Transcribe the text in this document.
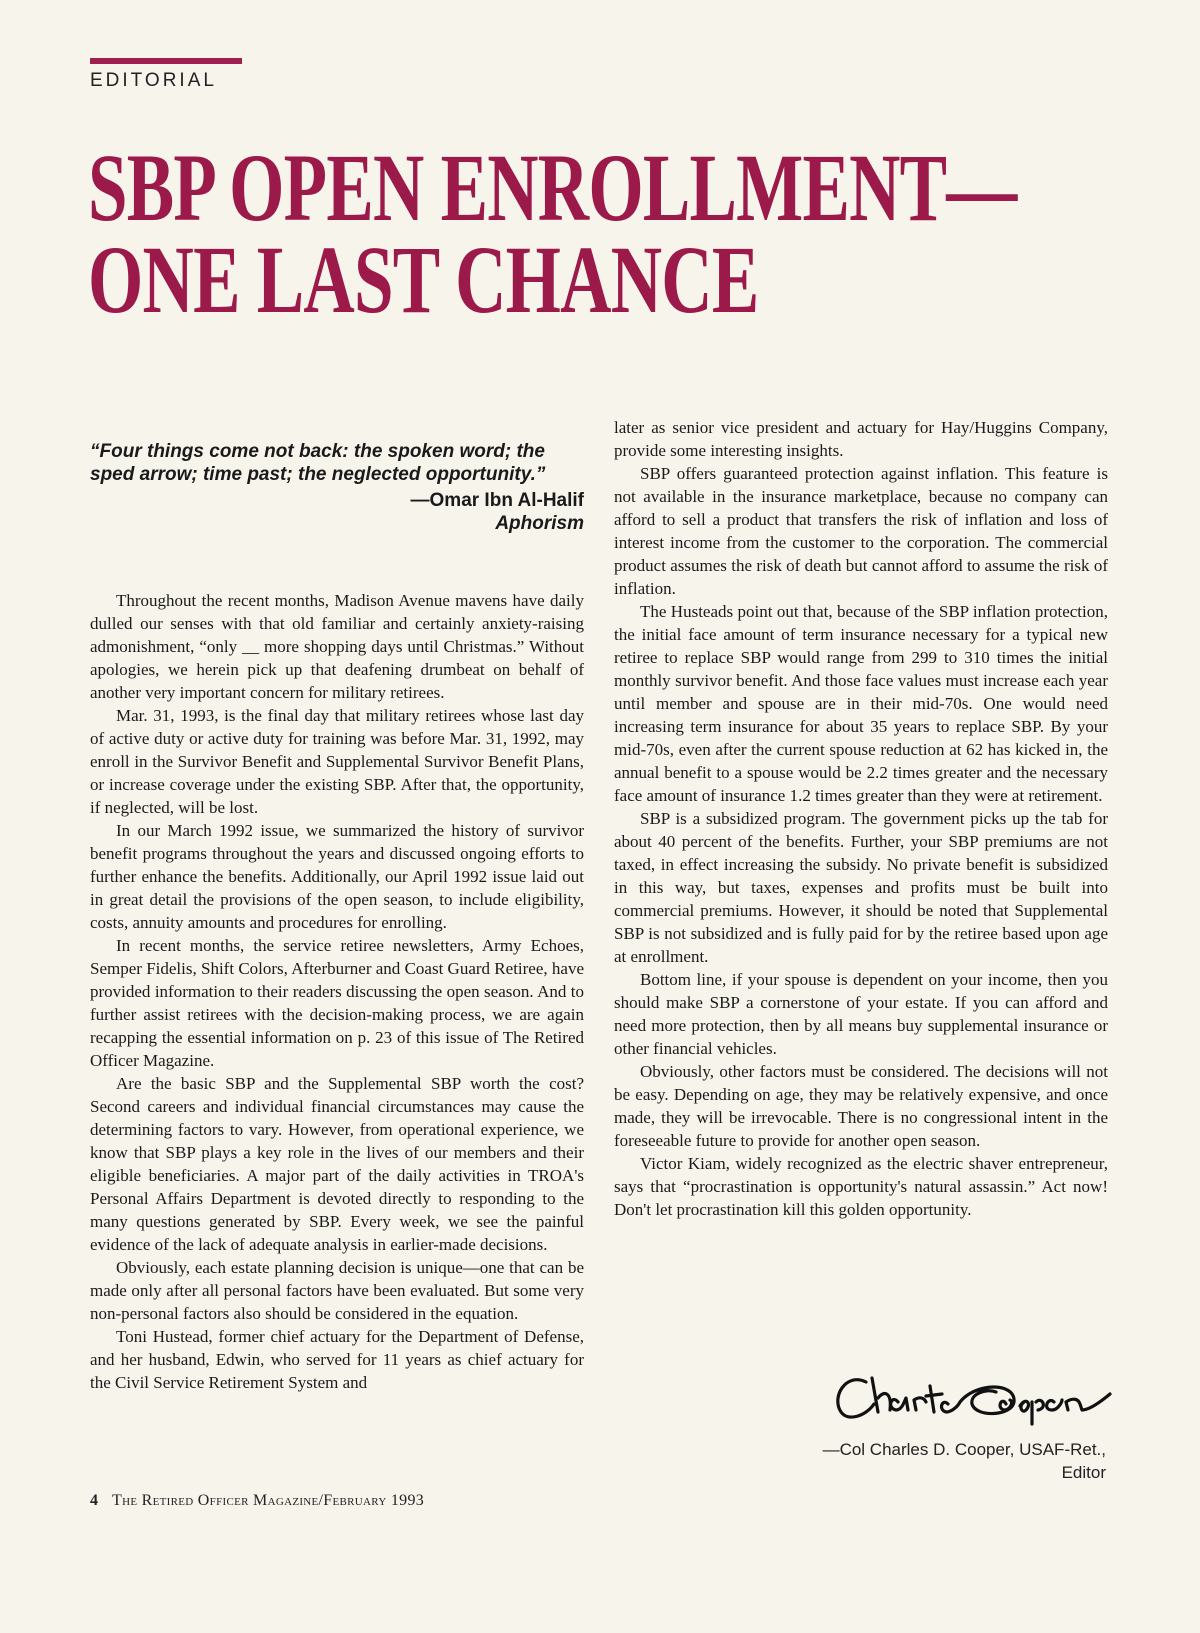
EDITORIAL
SBP OPEN ENROLLMENT—
ONE LAST CHANCE
“Four things come not back: the spoken word; the sped arrow; time past; the neglected opportunity.”
—Omar Ibn Al-Halif
Aphorism

Throughout the recent months, Madison Avenue mavens have daily dulled our senses with that old familiar and certainly anxiety-raising admonishment, “only __ more shopping days until Christmas.” Without apologies, we herein pick up that deafening drumbeat on behalf of another very important concern for military retirees.

Mar. 31, 1993, is the final day that military retirees whose last day of active duty or active duty for training was before Mar. 31, 1992, may enroll in the Survivor Benefit and Supplemental Survivor Benefit Plans, or increase coverage under the existing SBP. After that, the opportunity, if neglected, will be lost.

In our March 1992 issue, we summarized the history of survivor benefit programs throughout the years and discussed ongoing efforts to further enhance the benefits. Additionally, our April 1992 issue laid out in great detail the provisions of the open season, to include eligibility, costs, annuity amounts and procedures for enrolling.

In recent months, the service retiree newsletters, Army Echoes, Semper Fidelis, Shift Colors, Afterburner and Coast Guard Retiree, have provided information to their readers discussing the open season. And to further assist retirees with the decision-making process, we are again recapping the essential information on p. 23 of this issue of The Retired Officer Magazine.

Are the basic SBP and the Supplemental SBP worth the cost? Second careers and individual financial circumstances may cause the determining factors to vary. However, from operational experience, we know that SBP plays a key role in the lives of our members and their eligible beneficiaries. A major part of the daily activities in TROA's Personal Affairs Department is devoted directly to responding to the many questions generated by SBP. Every week, we see the painful evidence of the lack of adequate analysis in earlier-made decisions.

Obviously, each estate planning decision is unique—one that can be made only after all personal factors have been evaluated. But some very non-personal factors also should be considered in the equation.

Toni Hustead, former chief actuary for the Department of Defense, and her husband, Edwin, who served for 11 years as chief actuary for the Civil Service Retirement System and

later as senior vice president and actuary for Hay/Huggins Company, provide some interesting insights.

SBP offers guaranteed protection against inflation. This feature is not available in the insurance marketplace, because no company can afford to sell a product that transfers the risk of inflation and loss of interest income from the customer to the corporation. The commercial product assumes the risk of death but cannot afford to assume the risk of inflation.

The Husteads point out that, because of the SBP inflation protection, the initial face amount of term insurance necessary for a typical new retiree to replace SBP would range from 299 to 310 times the initial monthly survivor benefit. And those face values must increase each year until member and spouse are in their mid-70s. One would need increasing term insurance for about 35 years to replace SBP. By your mid-70s, even after the current spouse reduction at 62 has kicked in, the annual benefit to a spouse would be 2.2 times greater and the necessary face amount of insurance 1.2 times greater than they were at retirement.

SBP is a subsidized program. The government picks up the tab for about 40 percent of the benefits. Further, your SBP premiums are not taxed, in effect increasing the subsidy. No private benefit is subsidized in this way, but taxes, expenses and profits must be built into commercial premiums. However, it should be noted that Supplemental SBP is not subsidized and is fully paid for by the retiree based upon age at enrollment.

Bottom line, if your spouse is dependent on your income, then you should make SBP a cornerstone of your estate. If you can afford and need more protection, then by all means buy supplemental insurance or other financial vehicles.

Obviously, other factors must be considered. The decisions will not be easy. Depending on age, they may be relatively expensive, and once made, they will be irrevocable. There is no congressional intent in the foreseeable future to provide for another open season.

Victor Kiam, widely recognized as the electric shaver entrepreneur, says that “procrastination is opportunity's natural assassin.” Act now! Don't let procrastination kill this golden opportunity.

—Col Charles D. Cooper, USAF-Ret.,
Editor
4 The Retired Officer Magazine/February 1993
